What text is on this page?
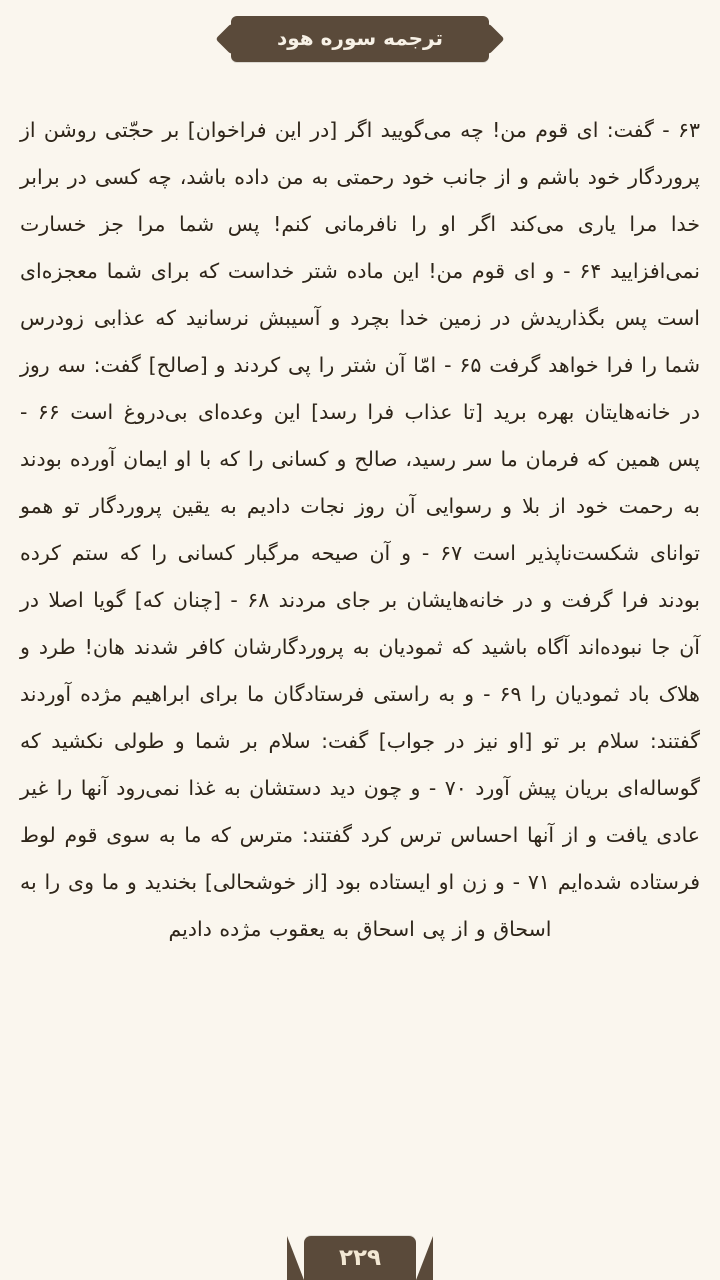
ترجمه سوره هود

۶۳ - گفت: ای قوم من! چه می‌گویید اگر [در این فراخوان] بر حجّتی روشن از پروردگار خود باشم و از جانب خود رحمتی به من داده باشد، چه کسی در برابر خدا مرا یاری می‌کند اگر او را نافرمانی کنم! پس شما مرا جز خسارت نمی‌افزایید ۶۴ - و ای قوم من! این ماده شتر خداست که برای شما معجزه‌ای است پس بگذاریدش در زمین خدا بچرد و آسیبش نرسانید که عذابی زودرس شما را فرا خواهد گرفت ۶۵ - امّا آن شتر را پی کردند و [صالح] گفت: سه روز در خانه‌هایتان بهره برید [تا عذاب فرا رسد] این وعده‌ای بی‌دروغ است ۶۶ - پس همین که فرمان ما سر رسید، صالح و کسانی را که با او ایمان آورده بودند به رحمت خود از بلا و رسوایی آن روز نجات دادیم به یقین پروردگار تو همو توانای شکست‌ناپذیر است ۶۷ - و آن صیحه مرگبار کسانی را که ستم کرده بودند فرا گرفت و در خانه‌هایشان بر جای مردند ۶۸ - [چنان که] گویا اصلا در آن جا نبوده‌اند آگاه باشید که ثمودیان به پروردگارشان کافر شدند هان! طرد و هلاک باد ثمودیان را ۶۹ - و به راستی فرستادگان ما برای ابراهیم مژده آوردند گفتند: سلام بر تو [او نیز در جواب] گفت: سلام بر شما و طولی نکشید که گوساله‌ای بریان پیش آورد ۷۰ - و چون دید دستشان به غذا نمی‌رود آنها را غیر عادی یافت و از آنها احساس ترس کرد گفتند: مترس که ما به سوی قوم لوط فرستاده شده‌ایم ۷۱ - و زن او ایستاده بود [از خوشحالی] بخندید و ما وی را به اسحاق و از پی اسحاق به یعقوب مژده دادیم

۲۲۹
